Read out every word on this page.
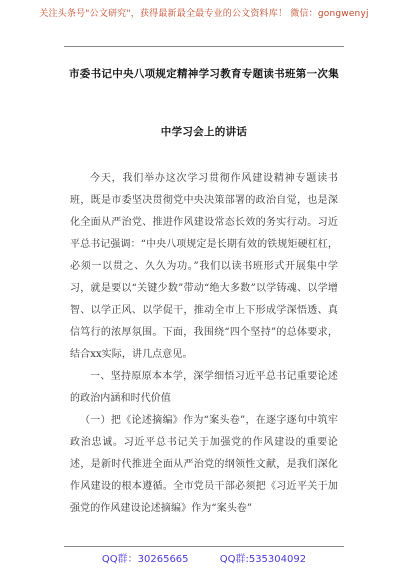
关注头条号"公文研究"，获得最新最全最专业的公文资料库！ 微信：gongwenyj
市委书记中央八项规定精神学习教育专题读书班第一次集
中学习会上的讲话

今天，我们举办这次学习贯彻作风建设精神专题读书班，既是市委坚决贯彻党中央决策部署的政治自觉，也是深化全面从严治党、推进作风建设常态长效的务实行动。习近平总书记强调：“中央八项规定是长期有效的铁规矩硬杠杠，必须一以贯之、久久为功。”我们以读书班形式开展集中学习，就是要以“关键少数”带动“绝大多数”以学铸魂、以学增智、以学正风、以学促干，推动全市上下形成学深悟透、真信笃行的浓厚氛围。下面，我围绕“四个坚持”的总体要求，结合xx实际，讲几点意见。

一、坚持原原本本学，深学细悟习近平总书记重要论述的政治内涵和时代价值

（一）把《论述摘编》作为“案头卷”，在逐字逐句中筑牢政治忠诚。习近平总书记关于加强党的作风建设的重要论述，是新时代推进全面从严治党的纲领性文献，是我们深化作风建设的根本遵循。全市党员干部必须把《习近平关于加强党的作风建设论述摘编》作为“案头卷”

QQ群：30265665	QQ群:535304092
